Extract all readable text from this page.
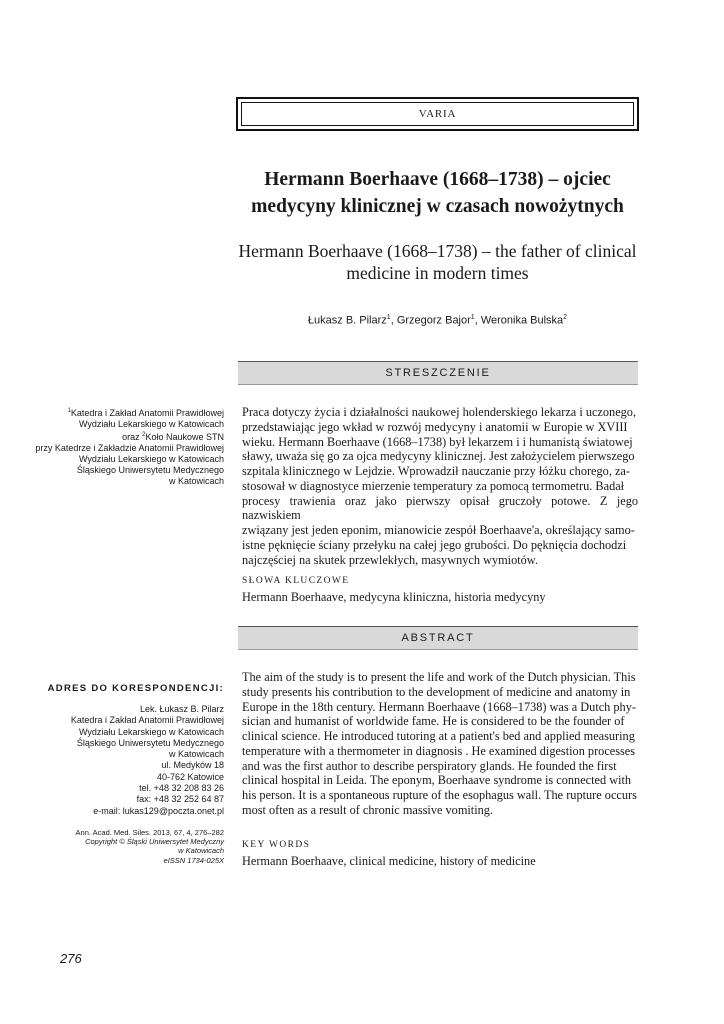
VARIA
Hermann Boerhaave (1668–1738) – ojciec
medycyny klinicznej w czasach nowożytnych
Hermann Boerhaave (1668–1738) – the father of clinical
medicine in modern times
Łukasz B. Pilarz$^1$, Grzegorz Bajor$^1$, Weronika Bulska$^2$
STRESZCZENIE
Praca dotyczy życia i działalności naukowej holenderskiego lekarza i uczonego,
przedstawiając jego wkład w rozwój medycyny i anatomii w Europie w XVIII
wieku. Hermann Boerhaave (1668–1738) był lekarzem i i humanistą światowej
sławy, uważa się go za ojca medycyny klinicznej. Jest założycielem pierwszego
szpitala klinicznego w Lejdzie. Wprowadził nauczanie przy łóżku chorego, za-
stosował w diagnostyce mierzenie temperatury za pomocą termometru. Badał
procesy trawienia oraz jako pierwszy opisał gruczoły potowe. Z jego nazwiskiem
związany jest jeden eponim, mianowicie zespół Boerhaave'a, określający samo-
istne pęknięcie ściany przełyku na całej jego grubości. Do pęknięcia dochodzi
najczęściej na skutek przewlekłych, masywnych wymiotów.
SŁOWA KLUCZOWE
Hermann Boerhaave, medycyna kliniczna, historia medycyny
ABSTRACT
The aim of the study is to present the life and work of the Dutch physician. This
study presents his contribution to the development of medicine and anatomy in
Europe in the 18th century. Hermann Boerhaave (1668–1738) was a Dutch phy-
sician and humanist of worldwide fame. He is considered to be the founder of
clinical science. He introduced tutoring at a patient's bed and applied measuring
temperature with a thermometer in diagnosis . He examined digestion processes
and was the first author to describe perspiratory glands. He founded the first
clinical hospital in Leida. The eponym, Boerhaave syndrome is connected with
his person. It is a spontaneous rupture of the esophagus wall. The rupture occurs
most often as a result of chronic massive vomiting.
KEY WORDS
Hermann Boerhaave, clinical medicine, history of medicine
$^1$Katedra i Zakład Anatomii Prawidłowej
Wydziału Lekarskiego w Katowicach
oraz $^2$Koło Naukowe STN
przy Katedrze i Zakładzie Anatomii Prawidłowej
Wydziału Lekarskiego w Katowicach
Śląskiego Uniwersytetu Medycznego
w Katowicach
ADRES DO KORESPONDENCJI:
Lek. Łukasz B. Pilarz
Katedra i Zakład Anatomii Prawidłowej
Wydziału Lekarskiego w Katowicach
Śląskiego Uniwersytetu Medycznego
w Katowicach
ul. Medyków 18
40-762 Katowice
tel. +48 32 208 83 26
fax: +48 32 252 64 87
e-mail: lukas129@poczta.onet.pl
Ann. Acad. Med. Siles. 2013, 67, 4, 276–282
Copyright © Śląski Uniwersytet Medyczny
w Katowicach
eISSN 1734-025X
276
